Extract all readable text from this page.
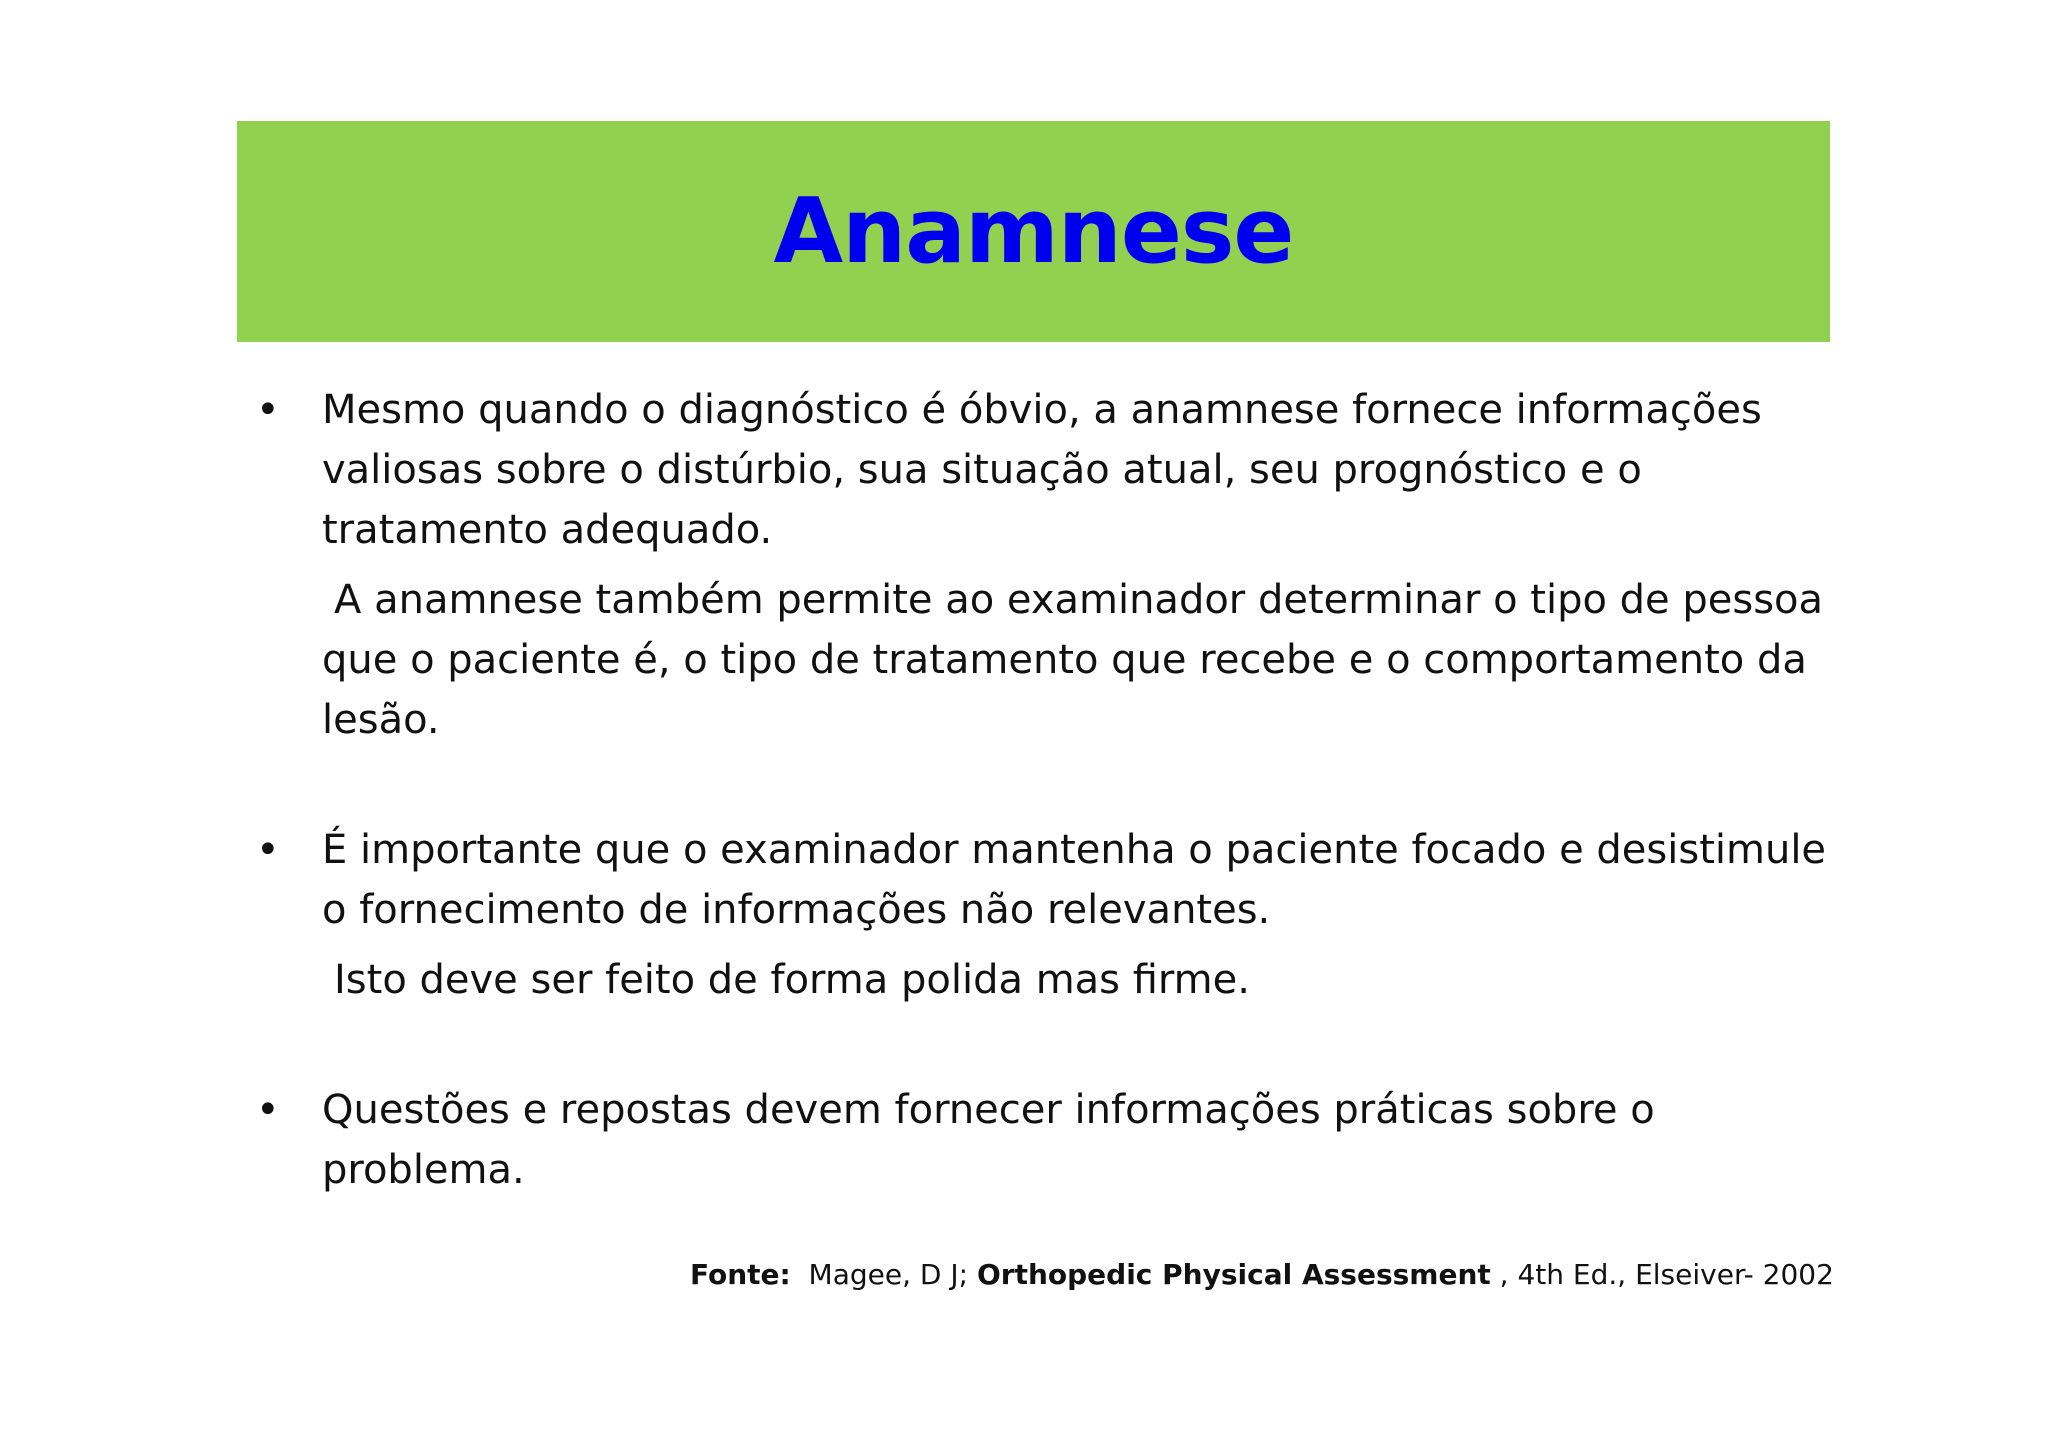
Anamnese
• Mesmo quando o diagnóstico é óbvio, a anamnese fornece informações valiosas sobre o distúrbio, sua situação atual, seu prognóstico e o tratamento adequado.

A anamnese também permite ao examinador determinar o tipo de pessoa que o paciente é, o tipo de tratamento que recebe e o comportamento da lesão.

• É importante que o examinador mantenha o paciente focado e desistimule o fornecimento de informações não relevantes.

Isto deve ser feito de forma polida mas firme.

• Questões e repostas devem fornecer informações práticas sobre o problema.

Fonte: Magee, D J; Orthopedic Physical Assessment , 4th Ed., Elseiver- 2002
